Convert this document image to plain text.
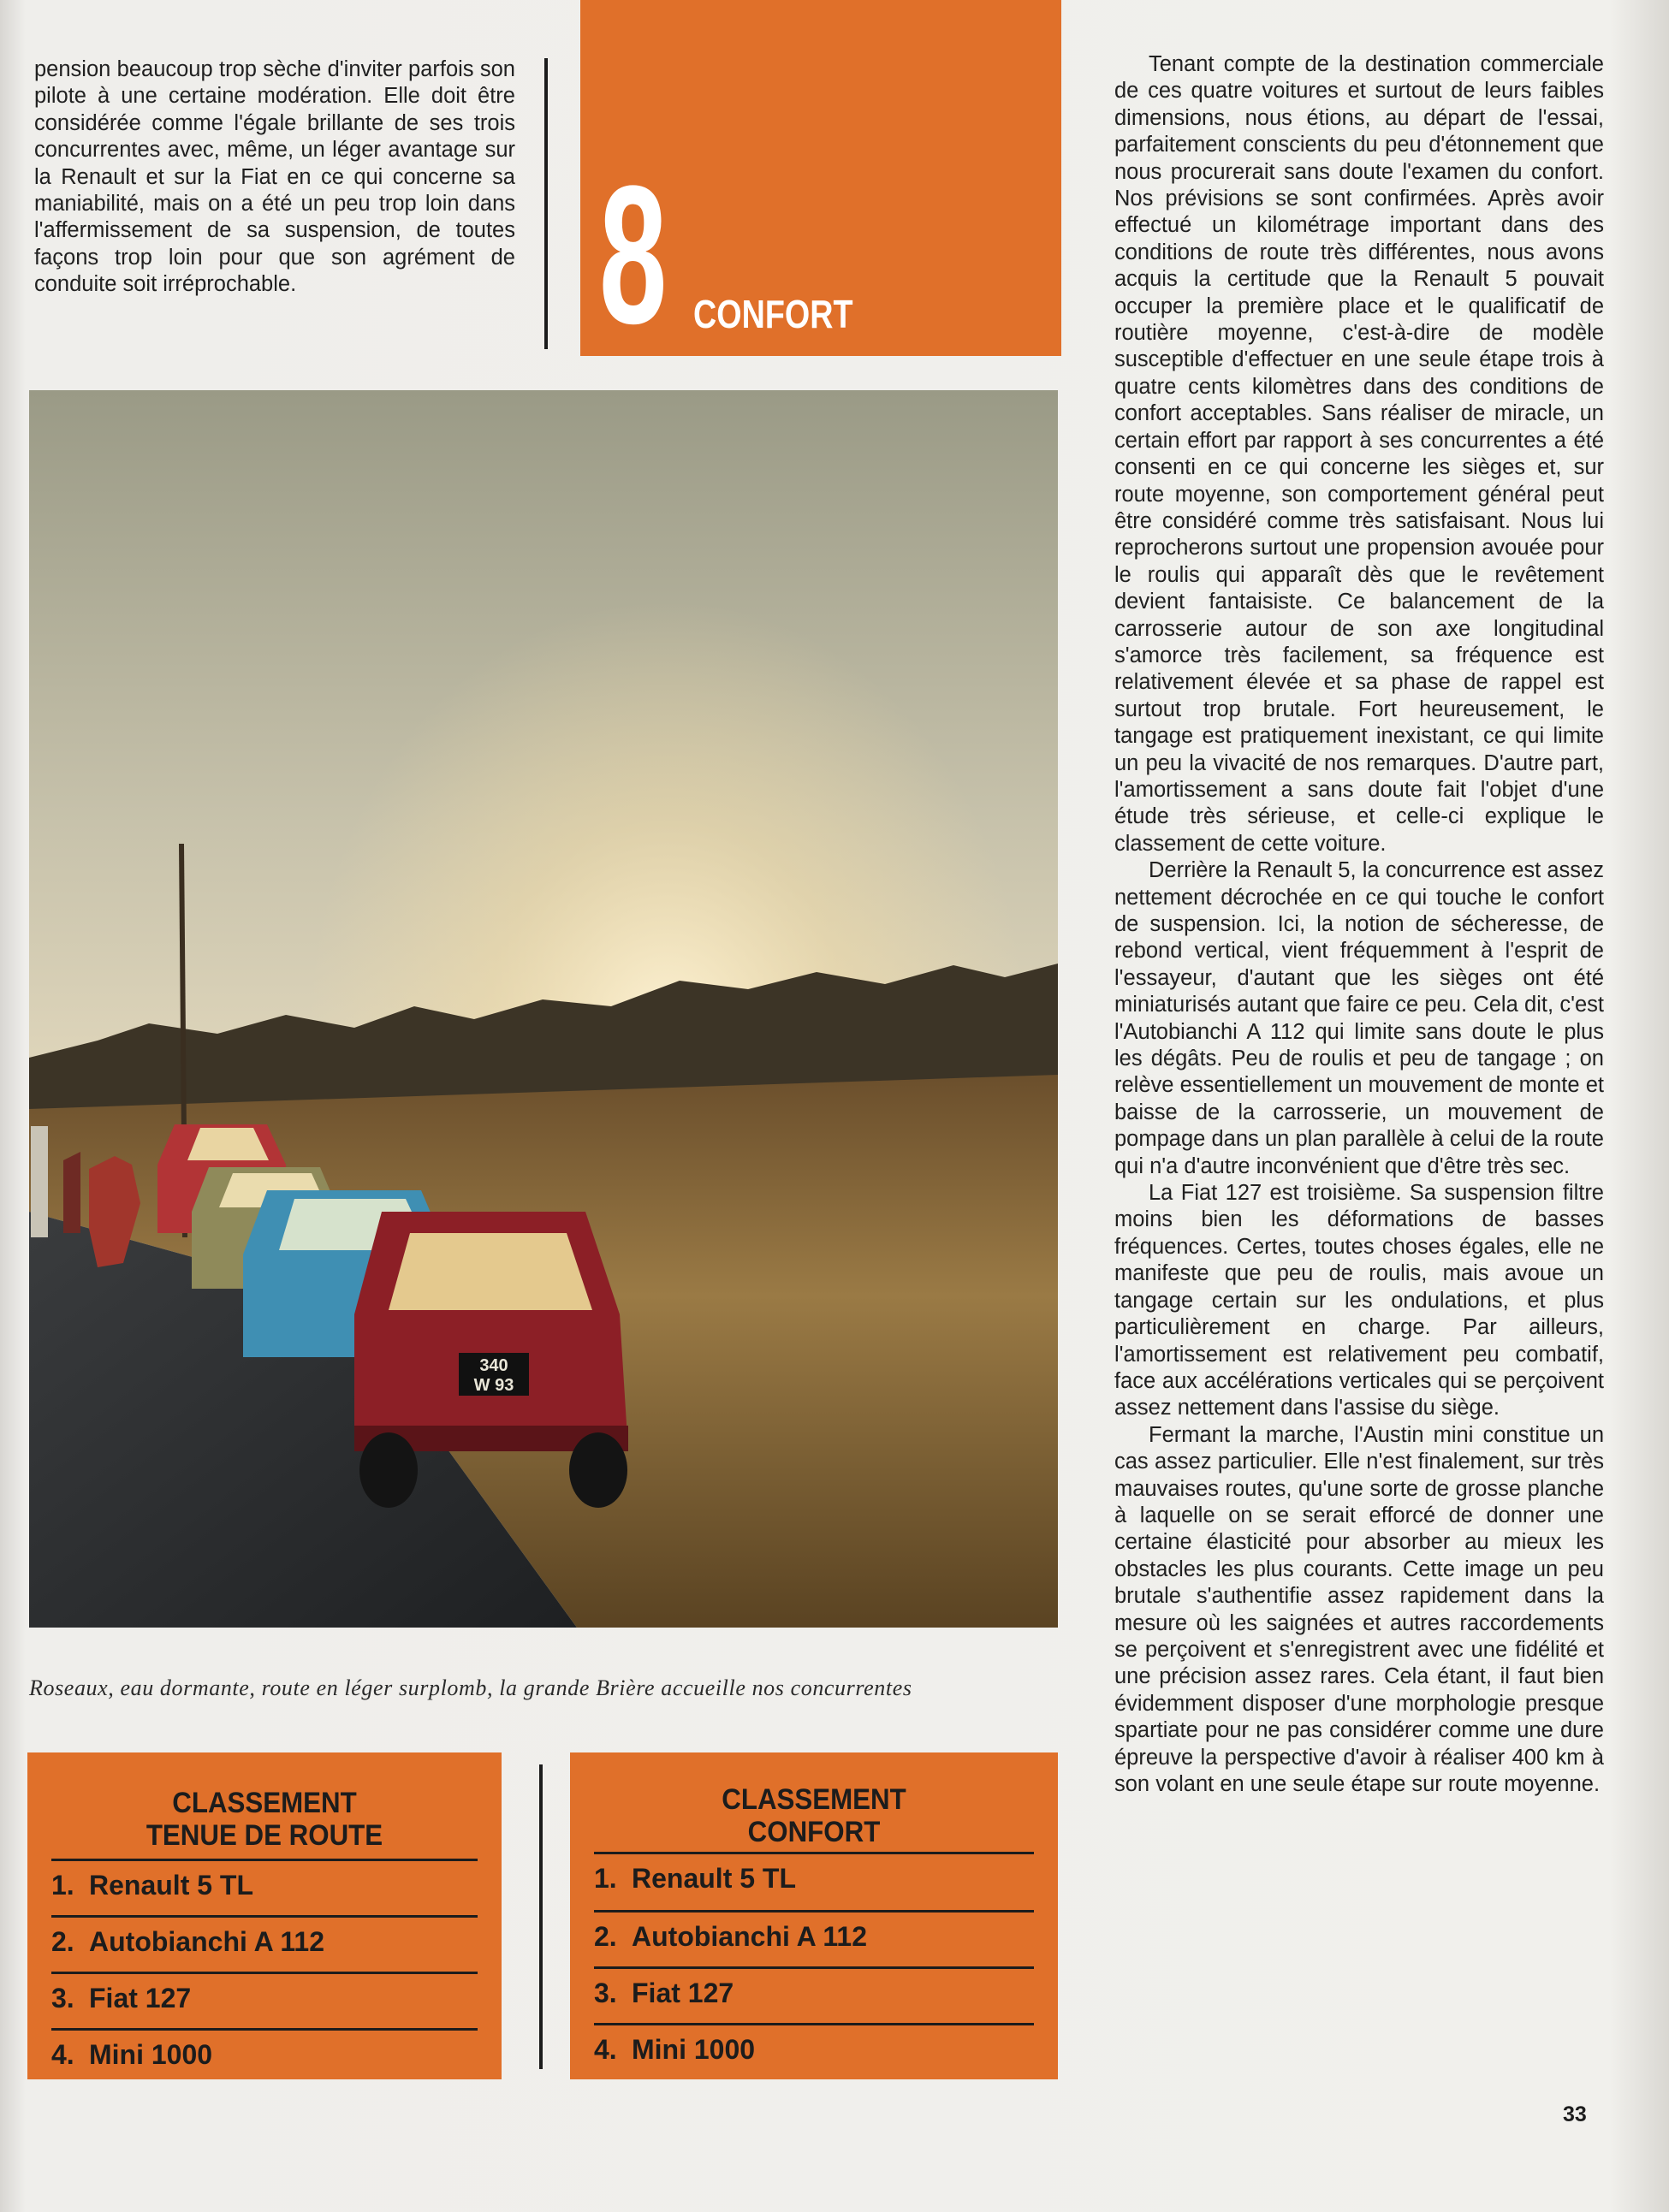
pension beaucoup trop sèche d'inviter parfois son pilote à une certaine modération. Elle doit être considérée comme l'égale brillante de ses trois concurrentes avec, même, un léger avantage sur la Renault et sur la Fiat en ce qui concerne sa maniabilité, mais on a été un peu trop loin dans l'affermissement de sa suspension, de toutes façons trop loin pour que son agrément de conduite soit irréprochable.	8 CONFORT

Tenant compte de la destination commerciale de ces quatre voitures et surtout de leurs faibles dimensions, nous étions, au départ de l'essai, parfaitement conscients du peu d'étonnement que nous procurerait sans doute l'examen du confort. Nos prévisions se sont confirmées. Après avoir effectué un kilométrage important dans des conditions de route très différentes, nous avons acquis la certitude que la Renault 5 pouvait occuper la première place et le qualificatif de routière moyenne, c'est-à-dire de modèle susceptible d'effectuer en une seule étape trois à quatre cents kilomètres dans des conditions de confort acceptables. Sans réaliser de miracle, un certain effort par rapport à ses concurrentes a été consenti en ce qui concerne les sièges et, sur route moyenne, son comportement général peut être considéré comme très satisfaisant. Nous lui reprocherons surtout une propension avouée pour le roulis qui apparaît dès que le revêtement devient fantaisiste. Ce balancement de la carrosserie autour de son axe longitudinal s'amorce très facilement, sa fréquence est relativement élevée et sa phase de rappel est surtout trop brutale. Fort heureusement, le tangage est pratiquement inexistant, ce qui limite un peu la vivacité de nos remarques. D'autre part, l'amortissement a sans doute fait l'objet d'une étude très sérieuse, et celle-ci explique le classement de cette voiture.

Derrière la Renault 5, la concurrence est assez nettement décrochée en ce qui touche le confort de suspension. Ici, la notion de sécheresse, de rebond vertical, vient fréquemment à l'esprit de l'essayeur, d'autant que les sièges ont été miniaturisés autant que faire ce peu. Cela dit, c'est l'Autobianchi A 112 qui limite sans doute le plus les dégâts. Peu de roulis et peu de tangage ; on relève essentiellement un mouvement de monte et baisse de la carrosserie, un mouvement de pompage dans un plan parallèle à celui de la route qui n'a d'autre inconvénient que d'être très sec.

La Fiat 127 est troisième. Sa suspension filtre moins bien les déformations de basses fréquences. Certes, toutes choses égales, elle ne manifeste que peu de roulis, mais avoue un tangage certain sur les ondulations, et plus particulièrement en charge. Par ailleurs, l'amortissement est relativement peu combatif, face aux accélérations verticales qui se perçoivent assez nettement dans l'assise du siège.

Fermant la marche, l'Austin mini constitue un cas assez particulier. Elle n'est finalement, sur très mauvaises routes, qu'une sorte de grosse planche à laquelle on se serait efforcé de donner une certaine élasticité pour absorber au mieux les obstacles les plus courants. Cette image un peu brutale s'authentifie assez rapidement dans la mesure où les saignées et autres raccordements se perçoivent et s'enregistrent avec une fidélité et une précision assez rares. Cela étant, il faut bien évidemment disposer d'une morphologie presque spartiate pour ne pas considérer comme une dure épreuve la perspective d'avoir à réaliser 400 km à son volant en une seule étape sur route moyenne.

340
W 93
Roseaux, eau dormante, route en léger surplomb, la grande Brière accueille nos concurrentes
CLASSEMENT
TENUE DE ROUTE
1. Renault 5 TL
2. Autobianchi A 112
3. Fiat 127
4. Mini 1000
CLASSEMENT
CONFORT
1. Renault 5 TL
2. Autobianchi A 112
3. Fiat 127
4. Mini 1000
33
